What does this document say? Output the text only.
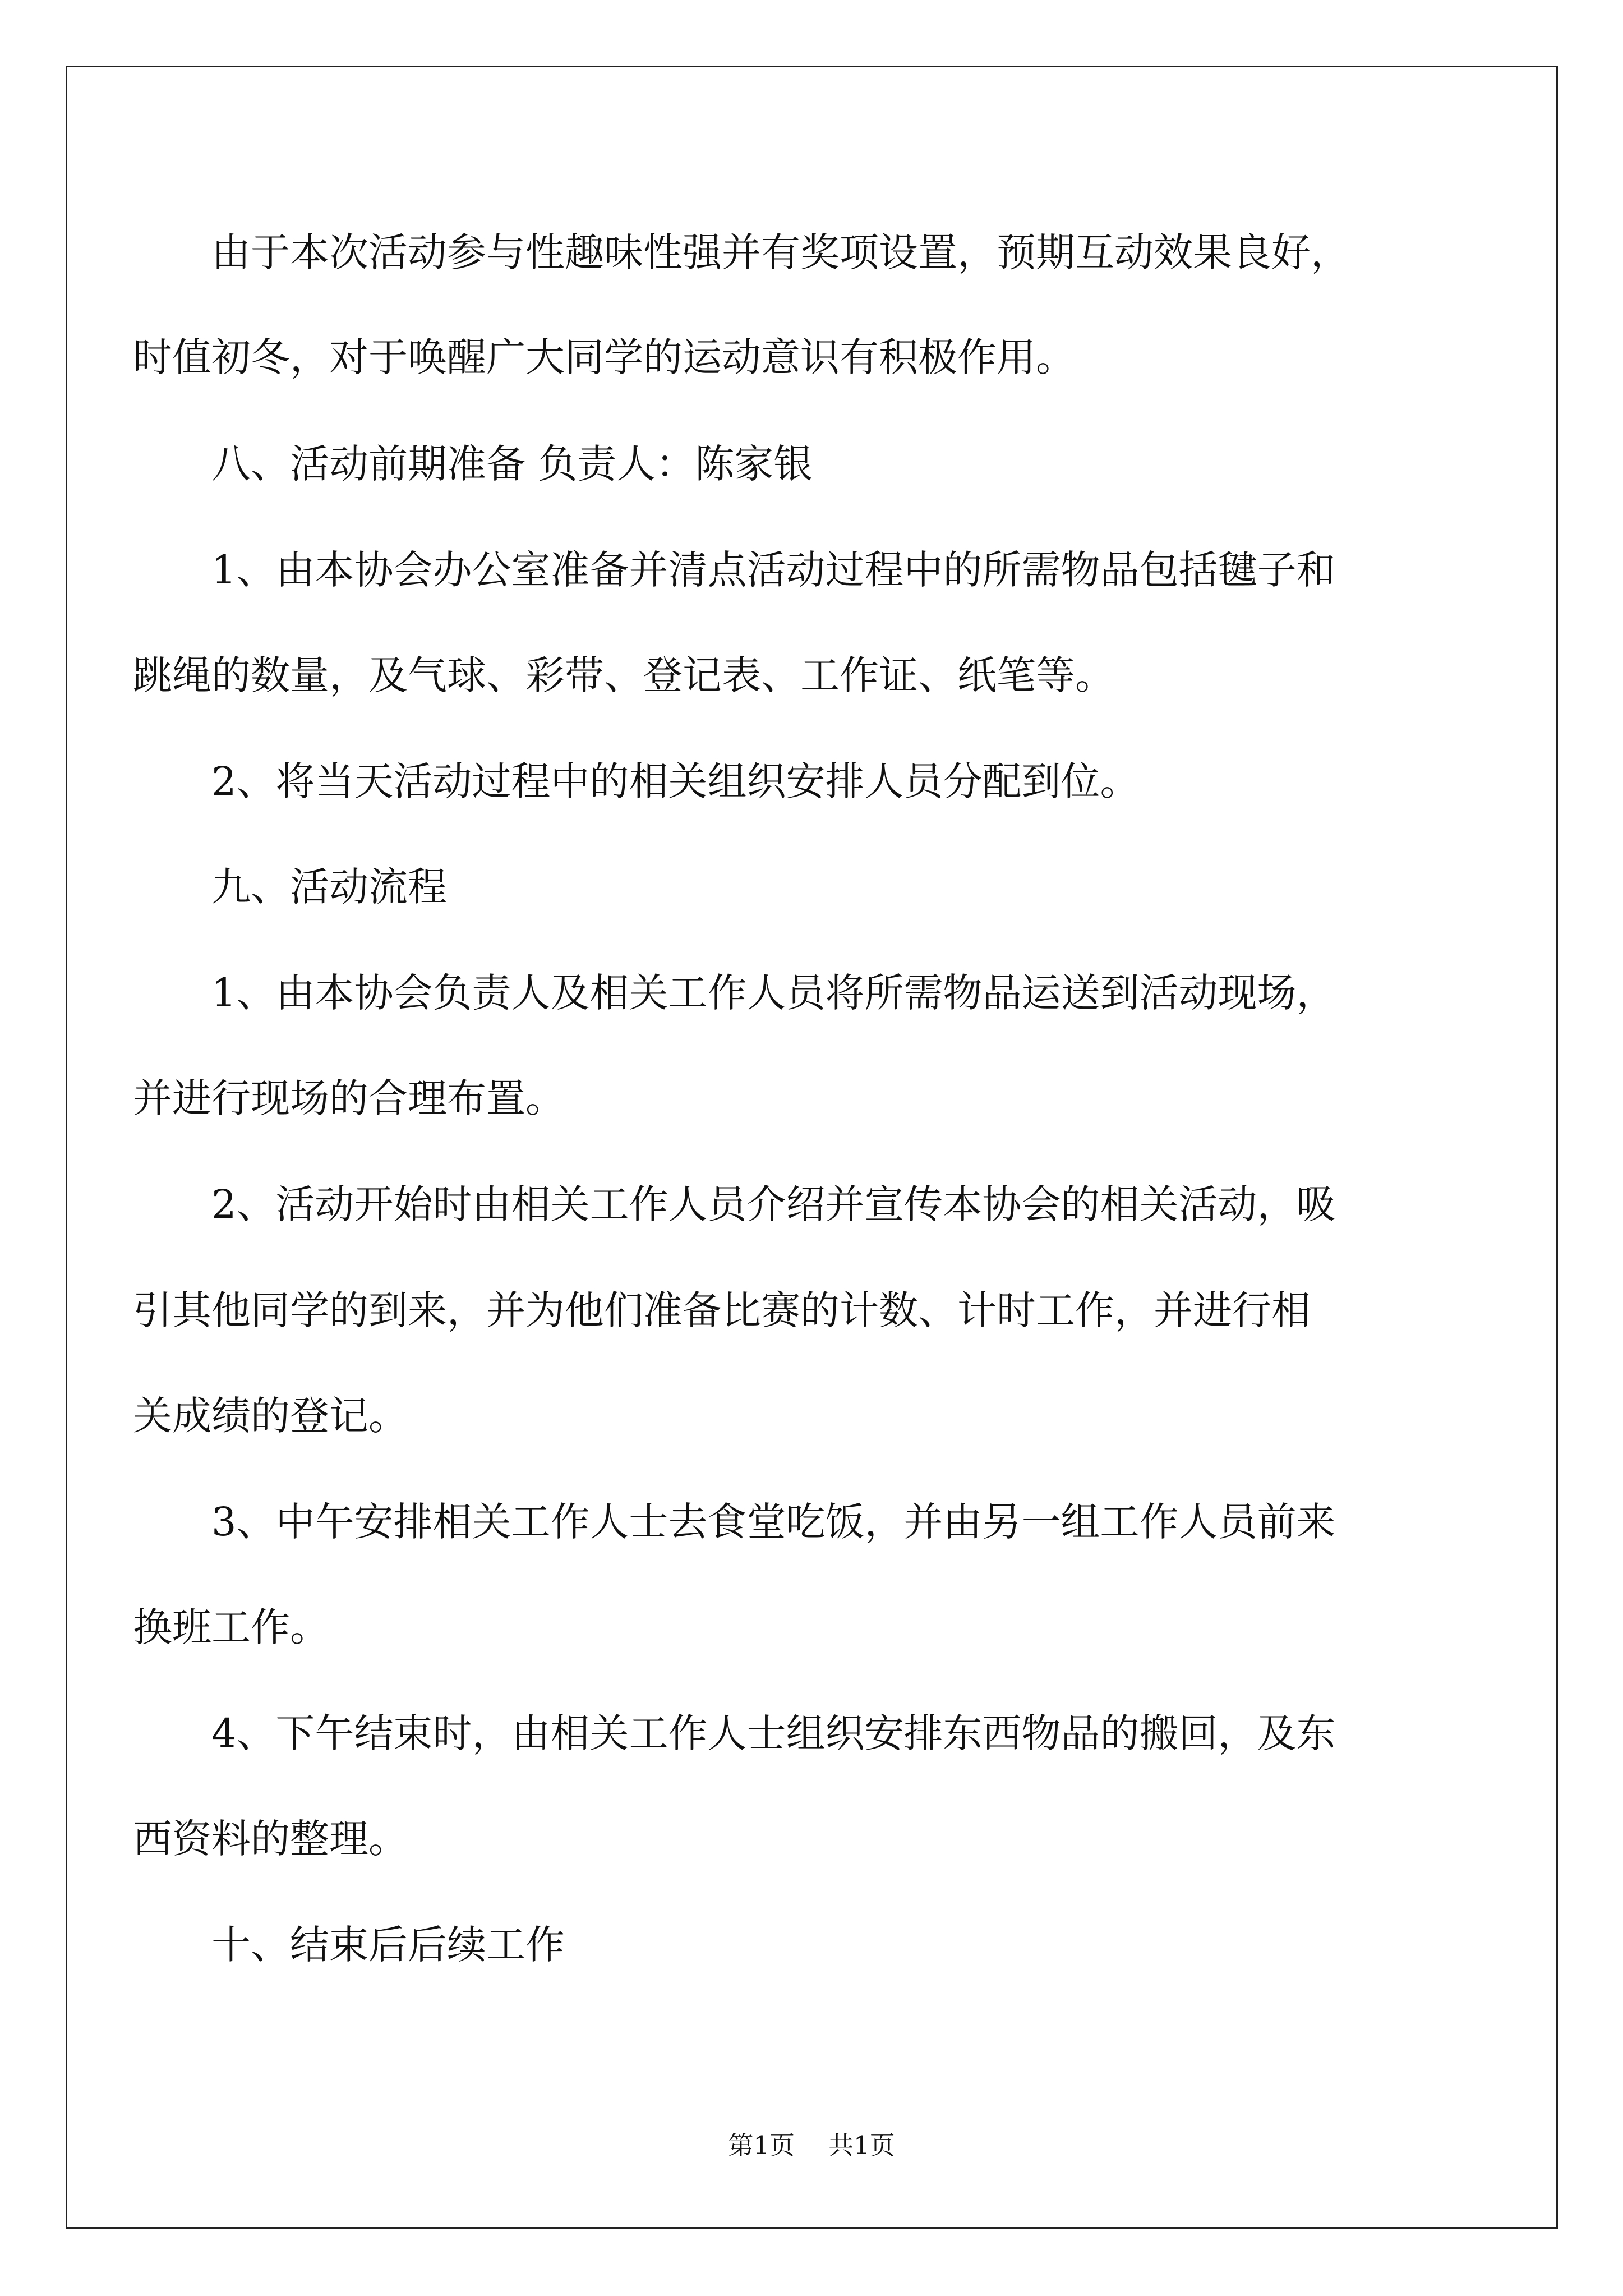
由于本次活动参与性趣味性强并有奖项设置，预期互动效果良好，
时值初冬，对于唤醒广大同学的运动意识有积极作用。
八、活动前期准备 负责人：陈家银
1、由本协会办公室准备并清点活动过程中的所需物品包括毽子和
跳绳的数量，及气球、彩带、登记表、工作证、纸笔等。
2、将当天活动过程中的相关组织安排人员分配到位。
九、活动流程
1、由本协会负责人及相关工作人员将所需物品运送到活动现场，
并进行现场的合理布置。
2、活动开始时由相关工作人员介绍并宣传本协会的相关活动，吸
引其他同学的到来，并为他们准备比赛的计数、计时工作，并进行相
关成绩的登记。
3、中午安排相关工作人士去食堂吃饭，并由另一组工作人员前来
换班工作。
4、下午结束时，由相关工作人士组织安排东西物品的搬回，及东
西资料的整理。
十、结束后后续工作
第1页 共1页
